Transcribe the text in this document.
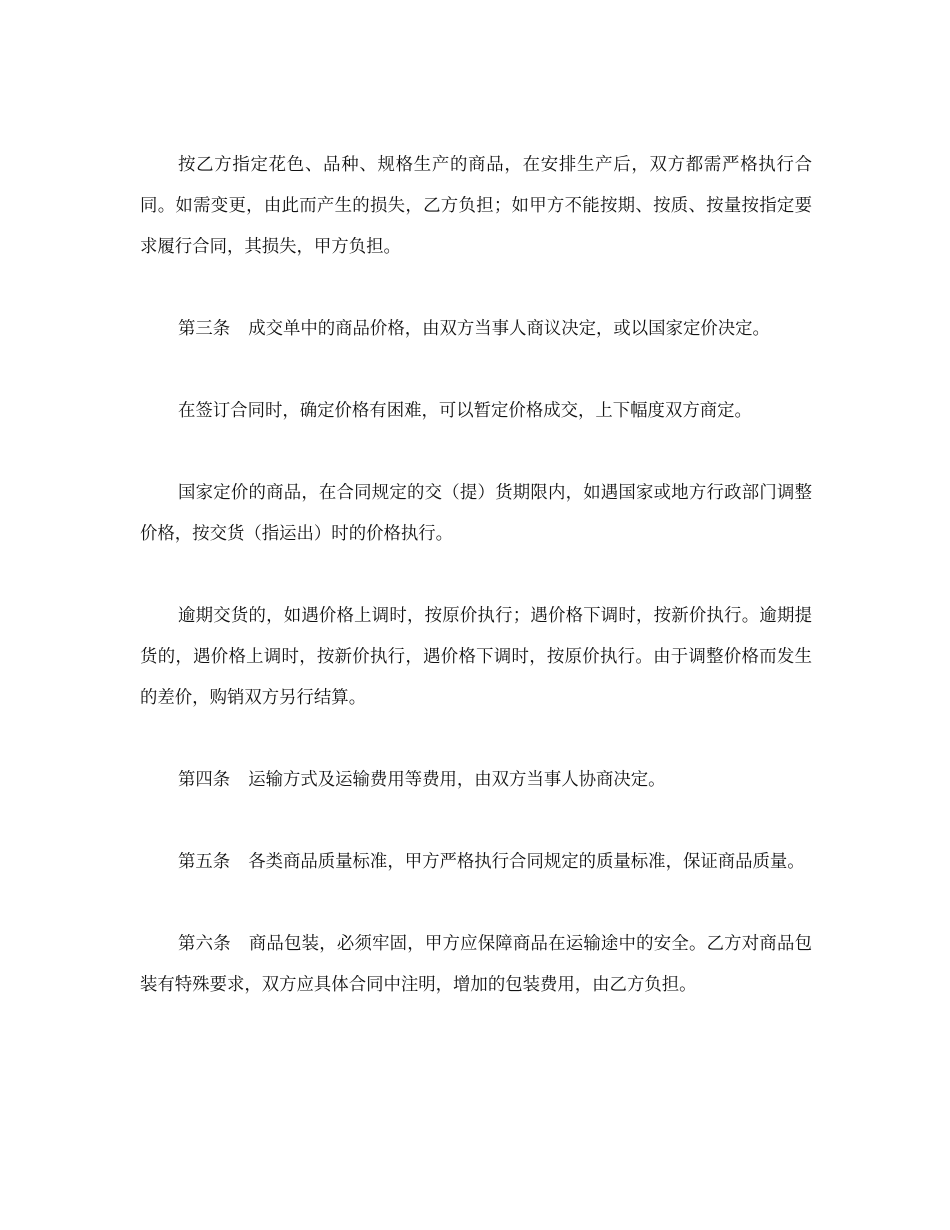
按乙方指定花色、品种、规格生产的商品，在安排生产后，双方都需严格执行合同。如需变更，由此而产生的损失，乙方负担；如甲方不能按期、按质、按量按指定要求履行合同，其损失，甲方负担。

第三条 成交单中的商品价格，由双方当事人商议决定，或以国家定价决定。

在签订合同时，确定价格有困难，可以暂定价格成交，上下幅度双方商定。

国家定价的商品，在合同规定的交（提）货期限内，如遇国家或地方行政部门调整价格，按交货（指运出）时的价格执行。

逾期交货的，如遇价格上调时，按原价执行；遇价格下调时，按新价执行。逾期提货的，遇价格上调时，按新价执行，遇价格下调时，按原价执行。由于调整价格而发生的差价，购销双方另行结算。

第四条 运输方式及运输费用等费用，由双方当事人协商决定。

第五条 各类商品质量标准，甲方严格执行合同规定的质量标准，保证商品质量。

第六条 商品包装，必须牢固，甲方应保障商品在运输途中的安全。乙方对商品包装有特殊要求，双方应具体合同中注明，增加的包装费用，由乙方负担。
